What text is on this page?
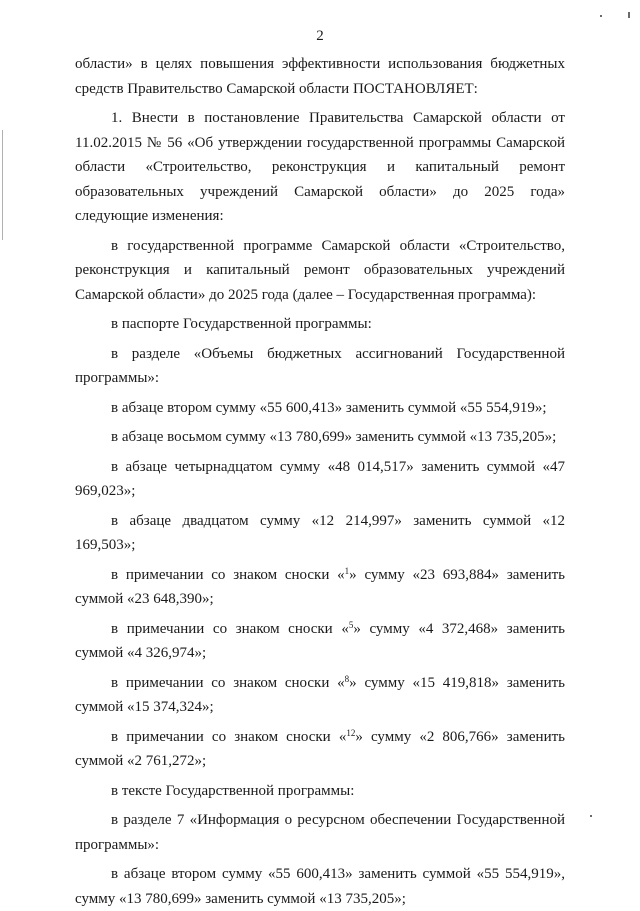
2

области» в целях повышения эффективности использования бюджетных средств Правительство Самарской области ПОСТАНОВЛЯЕТ:

1. Внести в постановление Правительства Самарской области от 11.02.2015 № 56 «Об утверждении государственной программы Самарской области «Строительство, реконструкция и капитальный ремонт образовательных учреждений Самарской области» до 2025 года» следующие изменения:

в государственной программе Самарской области «Строительство, реконструкция и капитальный ремонт образовательных учреждений Самарской области» до 2025 года (далее – Государственная программа):

в паспорте Государственной программы:

в разделе «Объемы бюджетных ассигнований Государственной программы»:

в абзаце втором сумму «55 600,413» заменить суммой «55 554,919»;

в абзаце восьмом сумму «13 780,699» заменить суммой «13 735,205»;

в абзаце четырнадцатом сумму «48 014,517» заменить суммой «47 969,023»;

в абзаце двадцатом сумму «12 214,997» заменить суммой «12 169,503»;

в примечании со знаком сноски «$^1$» сумму «23 693,884» заменить суммой «23 648,390»;

в примечании со знаком сноски «$^5$» сумму «4 372,468» заменить суммой «4 326,974»;

в примечании со знаком сноски «$^8$» сумму «15 419,818» заменить суммой «15 374,324»;

в примечании со знаком сноски «$^{12}$» сумму «2 806,766» заменить суммой «2 761,272»;

в тексте Государственной программы:

в разделе 7 «Информация о ресурсном обеспечении Государственной программы»:

в абзаце втором сумму «55 600,413» заменить суммой «55 554,919», сумму «13 780,699» заменить суммой «13 735,205»;
